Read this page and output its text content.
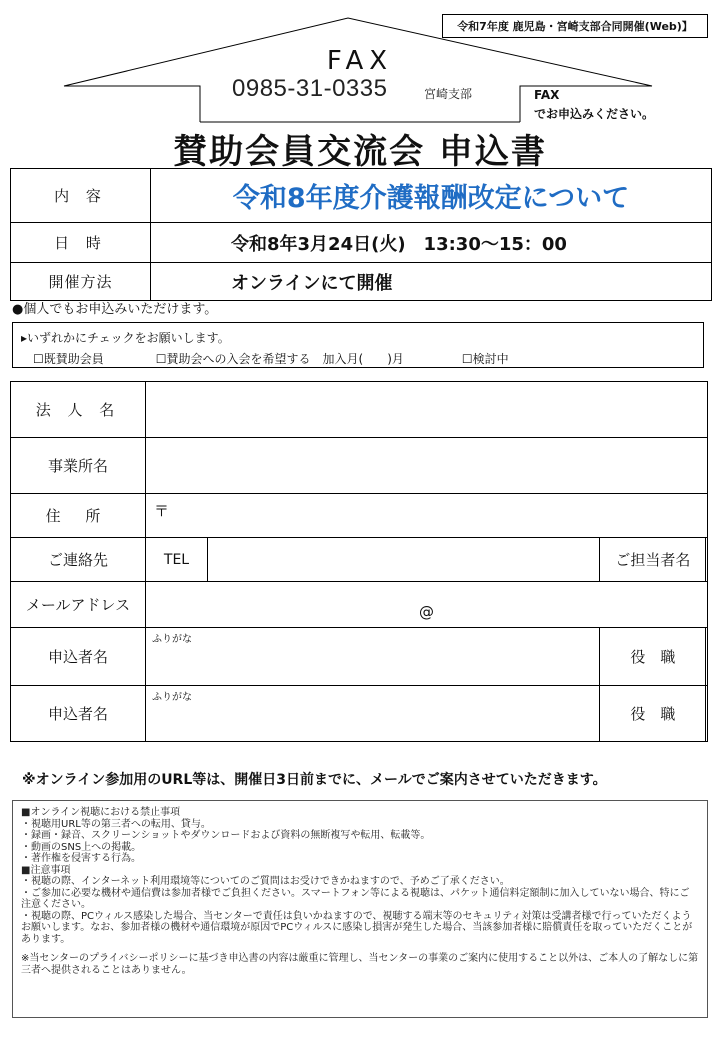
令和7年度 鹿児島・宮崎支部合同開催(Web)】
FAX
0985-31-0335	宮崎支部	FAX
でお申込みください。
賛助会員交流会 申込書
内 容	令和8年度介護報酬改定について
日 時	令和8年3月24日(火)　13:30～15：00
開催方法	オンラインにて開催
●個人でもお申込みいただけます。
▸いずれかにチェックをお願いします。
☐既賛助会員	☐賛助会への入会を希望する 加入月(　　)月	☐検討中
法 人 名				
事業所名				
住 所	〒			
ご連絡先	TEL		ご担当者名	
メールアドレス	@			
申込者名	ふりがな		役　職	
申込者名	ふりがな		役　職	
※オンライン参加用のURL等は、開催日3日前までに、メールでご案内させていただきます。

■オンライン視聴における禁止事項

・視聴用URL等の第三者への転用、貸与。

・録画・録音、スクリーンショットやダウンロードおよび資料の無断複写や転用、転載等。

・動画のSNS上への掲載。

・著作権を侵害する行為。

■注意事項

・視聴の際、インターネット利用環境等についてのご質問はお受けできかねますので、予めご了承ください。

・ご参加に必要な機材や通信費は参加者様でご負担ください。スマートフォン等による視聴は、パケット通信料定額制に加入していない場合、特にご注意ください。

・視聴の際、PCウィルス感染した場合、当センターで責任は負いかねますので、視聴する端末等のセキュリティ対策は受講者様で行っていただくようお願いします。なお、参加者様の機材や通信環境が原因でPCウィルスに感染し損害が発生した場合、当該参加者様に賠償責任を取っていただくことがあります。

※当センターのプライバシーポリシーに基づき申込書の内容は厳重に管理し、当センターの事業のご案内に使用すること以外は、ご本人の了解なしに第三者へ提供されることはありません。
